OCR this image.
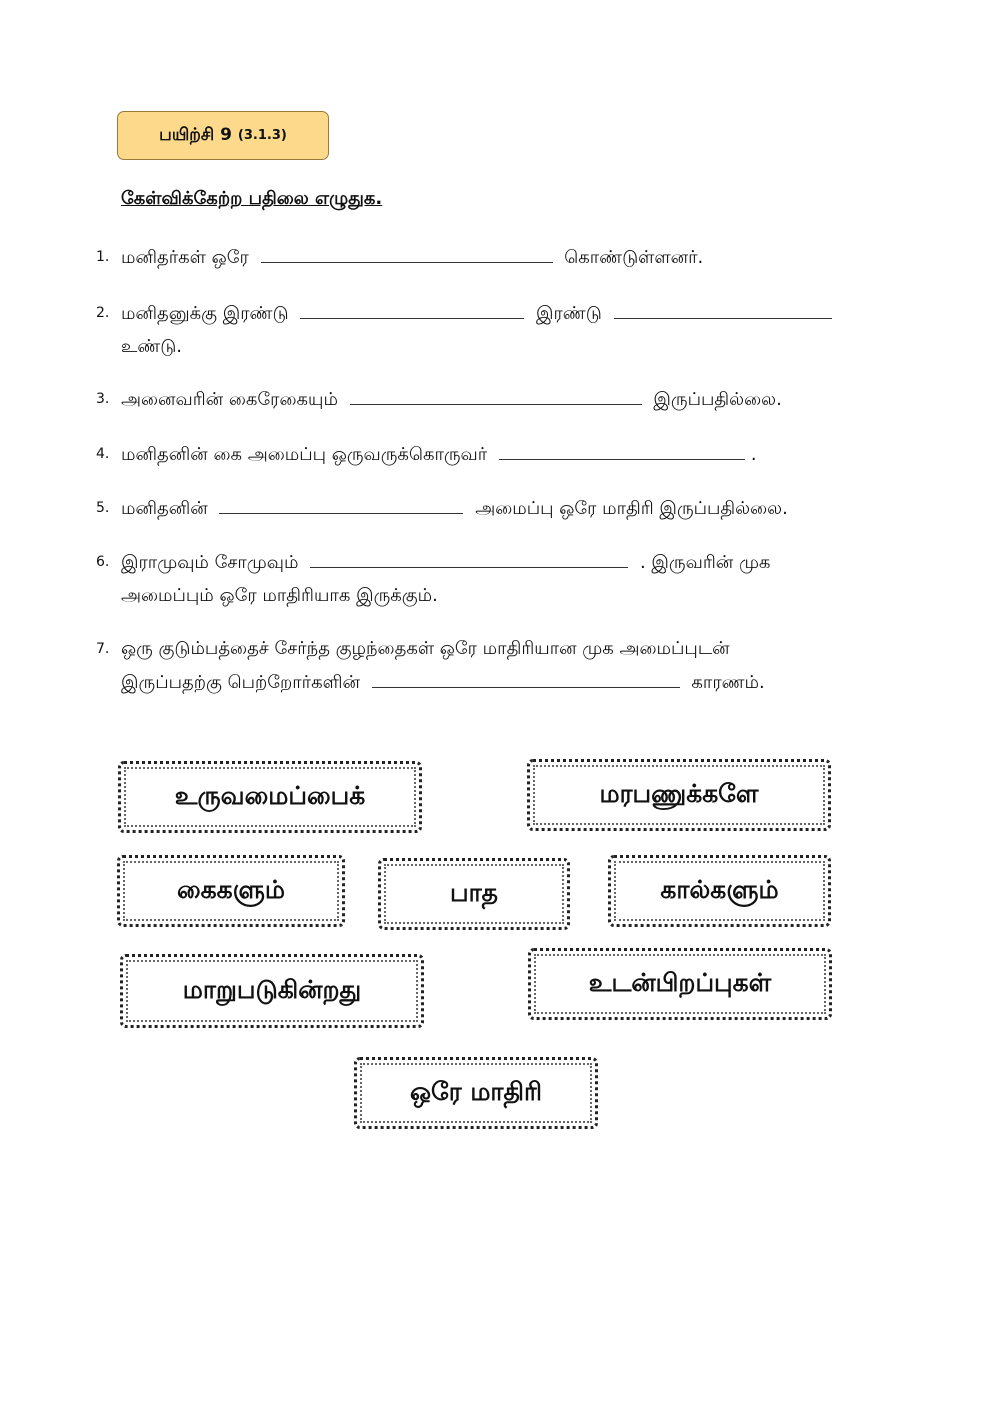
பயிற்சி 9 (3.1.3)
கேள்விக்கேற்ற பதிலை எழுதுக.
1. மனிதர்கள் ஒரே	கொண்டுள்ளனர்.
2. மனிதனுக்கு இரண்டு	இரண்டு
உண்டு.
3. அனைவரின் கைரேகையும்	இருப்பதில்லை.
4. மனிதனின் கை அமைப்பு ஒருவருக்கொருவர்	.
5. மனிதனின்	அமைப்பு ஒரே மாதிரி இருப்பதில்லை.
6. இராமுவும் சோமுவும்	. இருவரின் முக
அமைப்பும் ஒரே மாதிரியாக இருக்கும்.
7. ஒரு குடும்பத்தைச் சேர்ந்த குழந்தைகள் ஒரே மாதிரியான முக அமைப்புடன்
இருப்பதற்கு பெற்றோர்களின்	காரணம்.
உருவமைப்பைக்	மரபணுக்களே
கைகளும்	பாத	கால்களும்
மாறுபடுகின்றது	உடன்பிறப்புகள்
ஒரே மாதிரி
